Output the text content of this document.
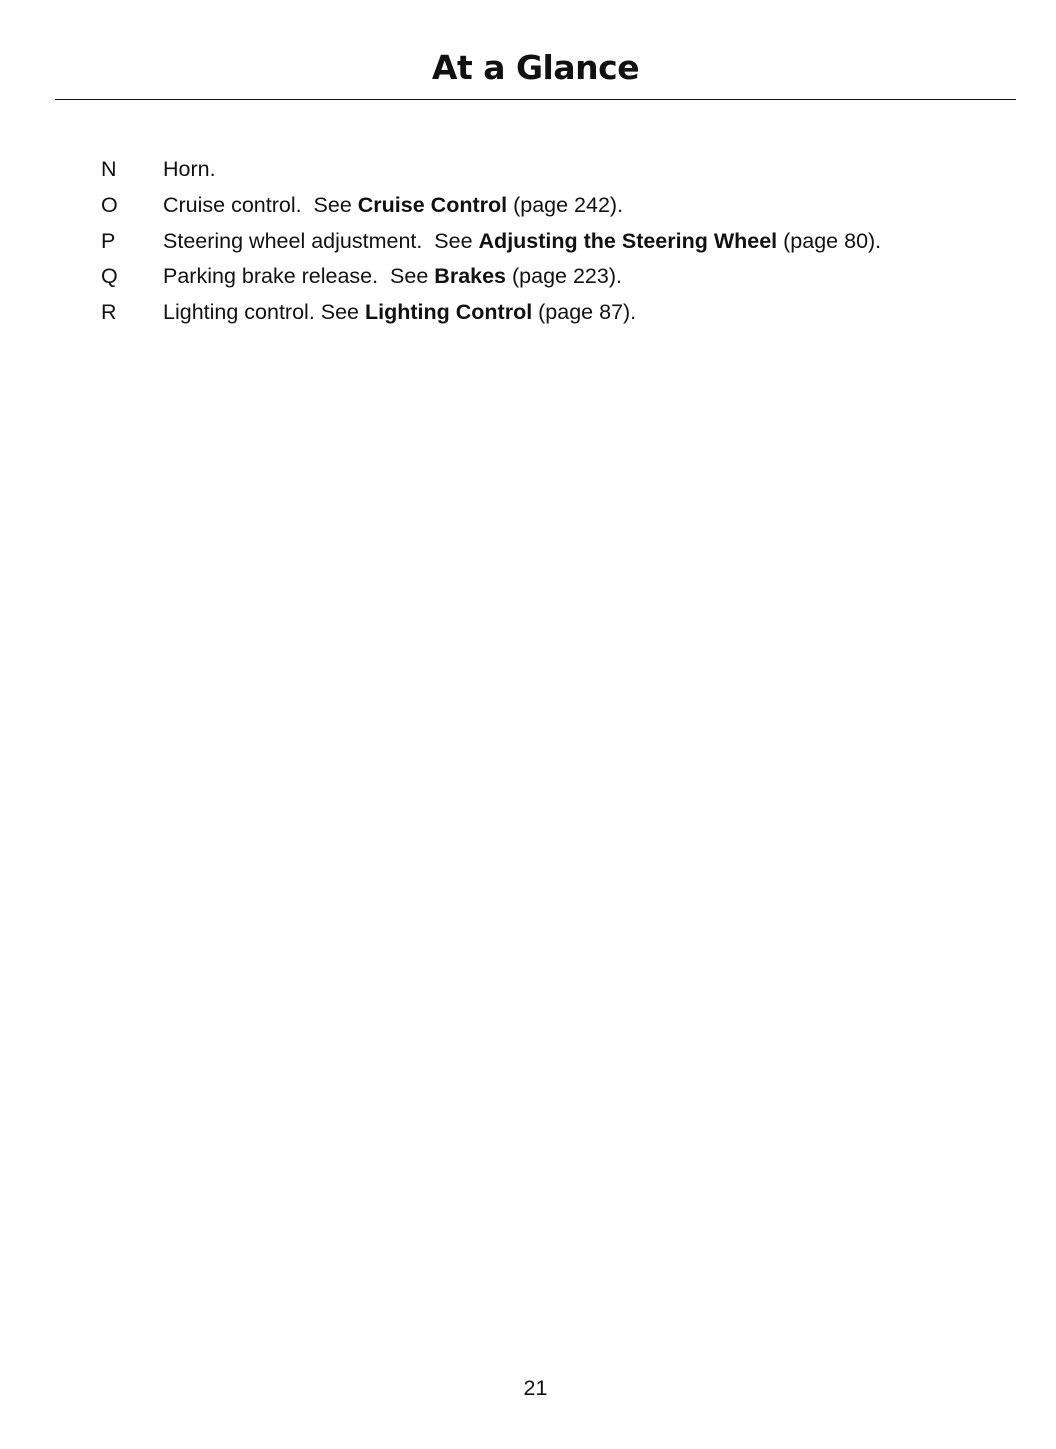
At a Glance
N Horn.
O Cruise control.  See Cruise Control (page 242).
P Steering wheel adjustment.  See Adjusting the Steering Wheel (page 80).
Q Parking brake release.  See Brakes (page 223).
R Lighting control. See Lighting Control (page 87).
21
